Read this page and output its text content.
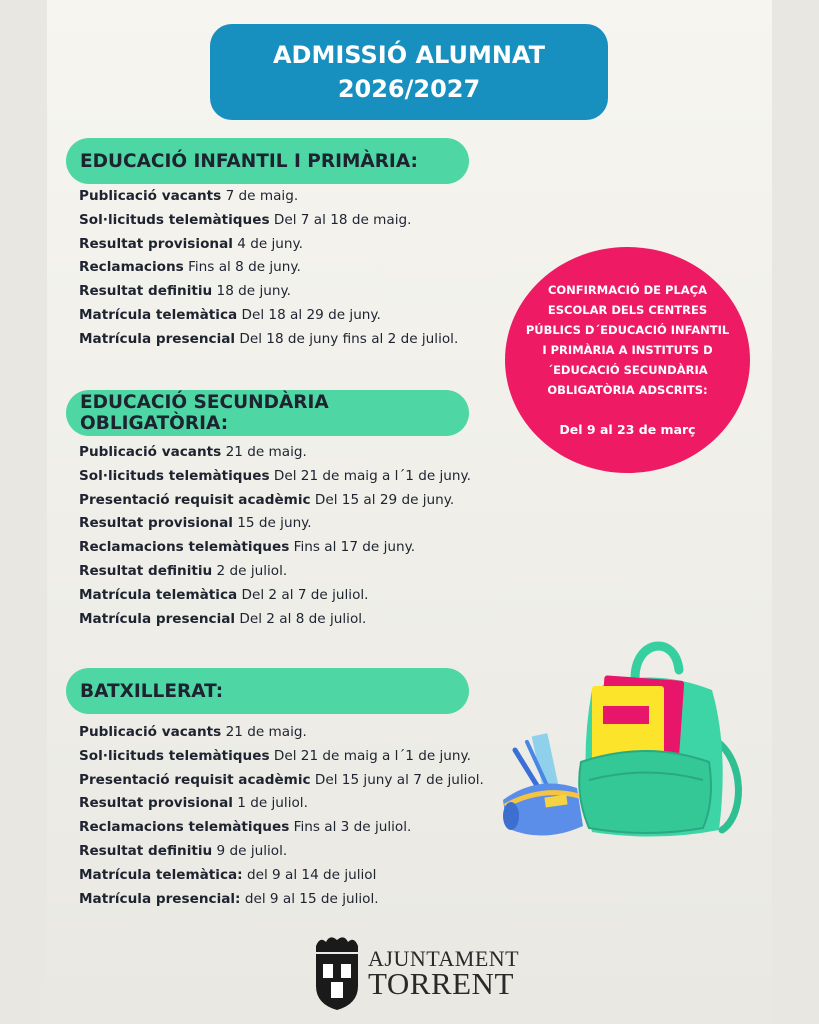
ADMISSIÓ ALUMNAT
2026/2027
EDUCACIÓ INFANTIL I PRIMÀRIA:
Publicació vacants 7 de maig.
Sol·licituds telemàtiques Del 7 al 18 de maig.
Resultat provisional 4 de juny.
Reclamacions Fins al 8 de juny.
Resultat definitiu 18 de juny.
Matrícula telemàtica Del 18 al 29 de juny.
Matrícula presencial Del 18 de juny fins al 2 de juliol.
EDUCACIÓ SECUNDÀRIA OBLIGATÒRIA:
Publicació vacants 21 de maig.
Sol·licituds telemàtiques Del 21 de maig a l´1 de juny.
Presentació requisit acadèmic Del 15 al 29 de juny.
Resultat provisional 15 de juny.
Reclamacions telemàtiques Fins al 17 de juny.
Resultat definitiu 2 de juliol.
Matrícula telemàtica Del 2 al 7 de juliol.
Matrícula presencial Del 2 al 8 de juliol.
BATXILLERAT:
Publicació vacants 21 de maig.
Sol·licituds telemàtiques Del 21 de maig a l´1 de juny.
Presentació requisit acadèmic Del 15 juny al 7 de juliol.
Resultat provisional 1 de juliol.
Reclamacions telemàtiques Fins al 3 de juliol.
Resultat definitiu 9 de juliol.
Matrícula telemàtica: del 9 al 14 de juliol
Matrícula presencial: del 9 al 15 de juliol.
CONFIRMACIÓ DE PLAÇA ESCOLAR DELS CENTRES PÚBLICS D´EDUCACIÓ INFANTIL I PRIMÀRIA A INSTITUTS D´EDUCACIÓ SECUNDÀRIA OBLIGATÒRIA ADSCRITS:
Del 9 al 23 de març
AJUNTAMENT
TORRENT
